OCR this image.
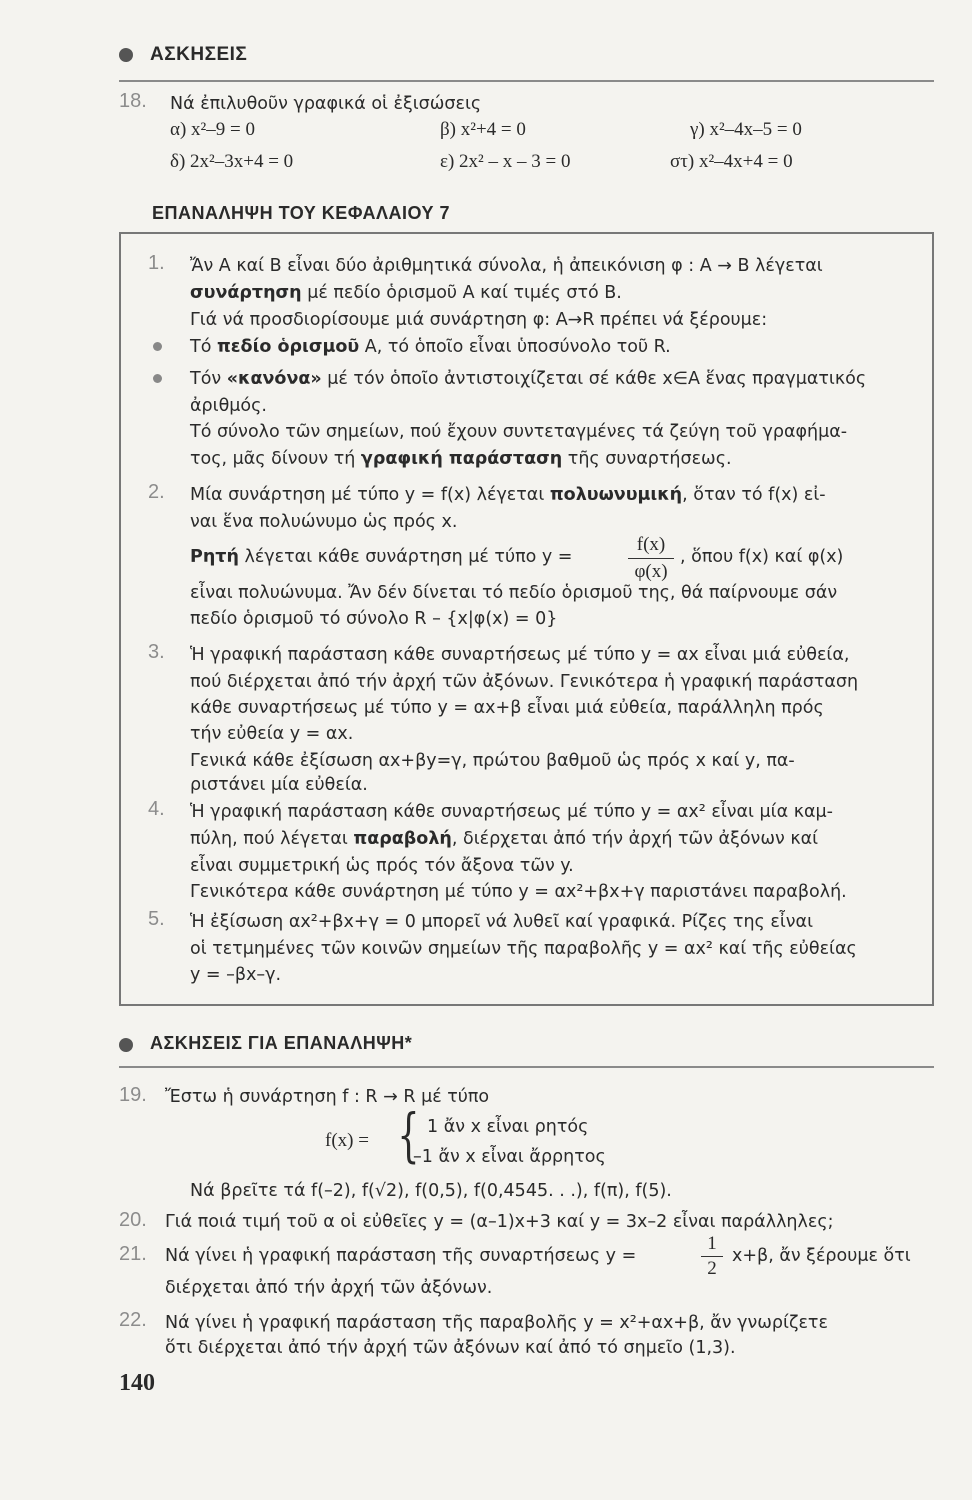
ΑΣΚΗΣΕΙΣ
18. Νά ἐπιλυθοῦν γραφικά οἱ ἐξισώσεις
α) x²–9 = 0	β) x²+4 = 0	γ) x²–4x–5 = 0
δ) 2x²–3x+4 = 0	ε) 2x² – x – 3 = 0	στ) x²–4x+4 = 0
ΕΠΑΝΑΛΗΨΗ ΤΟΥ ΚΕΦΑΛΑΙΟΥ 7
1. Ἄν A καί B εἶναι δύο ἀριθμητικά σύνολα, ἡ ἀπεικόνιση φ : A → B λέγεται
συνάρτηση μέ πεδίο ὁρισμοῦ A καί τιμές στό B.
Γιά νά προσδιορίσουμε μιά συνάρτηση φ: A→R πρέπει νά ξέρουμε:
Τό πεδίο ὁρισμοῦ A, τό ὁποῖο εἶναι ὑποσύνολο τοῦ R.
Τόν «κανόνα» μέ τόν ὁποῖο ἀντιστοιχίζεται σέ κάθε x∈A ἕνας πραγματικός
ἀριθμός.
Τό σύνολο τῶν σημείων, πού ἔχουν συντεταγμένες τά ζεύγη τοῦ γραφήμα-
τος, μᾶς δίνουν τή γραφική παράσταση τῆς συναρτήσεως.
2. Μία συνάρτηση μέ τύπο y = f(x) λέγεται πολυωνυμική, ὅταν τό f(x) εἰ-
ναι ἕνα πολυώνυμο ὡς πρός x.
Ρητή λέγεται κάθε συνάρτηση μέ τύπο y =
f(x)
φ(x)
, ὅπου f(x) καί φ(x)
εἶναι πολυώνυμα. Ἄν δέν δίνεται τό πεδίο ὁρισμοῦ της, θά παίρνουμε σάν
πεδίο ὁρισμοῦ τό σύνολο R – {x|φ(x) = 0}
3. Ἡ γραφική παράσταση κάθε συναρτήσεως μέ τύπο y = αx εἶναι μιά εὐθεία,
πού διέρχεται ἀπό τήν ἀρχή τῶν ἀξόνων. Γενικότερα ἡ γραφική παράσταση
κάθε συναρτήσεως μέ τύπο y = αx+β εἶναι μιά εὐθεία, παράλληλη πρός
τήν εὐθεία y = αx.
Γενικά κάθε ἐξίσωση αx+βy=γ, πρώτου βαθμοῦ ὡς πρός x καί y, πα-
ριστάνει μία εὐθεία.
4. Ἡ γραφική παράσταση κάθε συναρτήσεως μέ τύπο y = αx² εἶναι μία καμ-
πύλη, πού λέγεται παραβολή, διέρχεται ἀπό τήν ἀρχή τῶν ἀξόνων καί
εἶναι συμμετρική ὡς πρός τόν ἄξονα τῶν y.
Γενικότερα κάθε συνάρτηση μέ τύπο y = αx²+βx+γ παριστάνει παραβολή.
5. Ἡ ἐξίσωση αx²+βx+γ = 0 μπορεῖ νά λυθεῖ καί γραφικά. Ρίζες της εἶναι
οἱ τετμημένες τῶν κοινῶν σημείων τῆς παραβολῆς y = αx² καί τῆς εὐθείας
y = –βx–γ.
ΑΣΚΗΣΕΙΣ ΓΙΑ ΕΠΑΝΑΛΗΨΗ*
19. Ἔστω ἡ συνάρτηση f : R → R μέ τύπο
f(x) = { 1 ἄν x εἶναι ρητός
–1 ἄν x εἶναι ἄρρητος
Νά βρεῖτε τά f(–2), f(√2), f(0,5), f(0,4545. . .), f(π), f(5).
20. Γιά ποιά τιμή τοῦ α οἱ εὐθεῖες y = (α–1)x+3 καί y = 3x–2 εἶναι παράλληλες;
21. Νά γίνει ἡ γραφική παράσταση τῆς συναρτήσεως y =
1
2
x+β, ἄν ξέρουμε ὅτι
διέρχεται ἀπό τήν ἀρχή τῶν ἀξόνων.
22. Νά γίνει ἡ γραφική παράσταση τῆς παραβολῆς y = x²+αx+β, ἄν γνωρίζετε
ὅτι διέρχεται ἀπό τήν ἀρχή τῶν ἀξόνων καί ἀπό τό σημεῖο (1,3).
140
